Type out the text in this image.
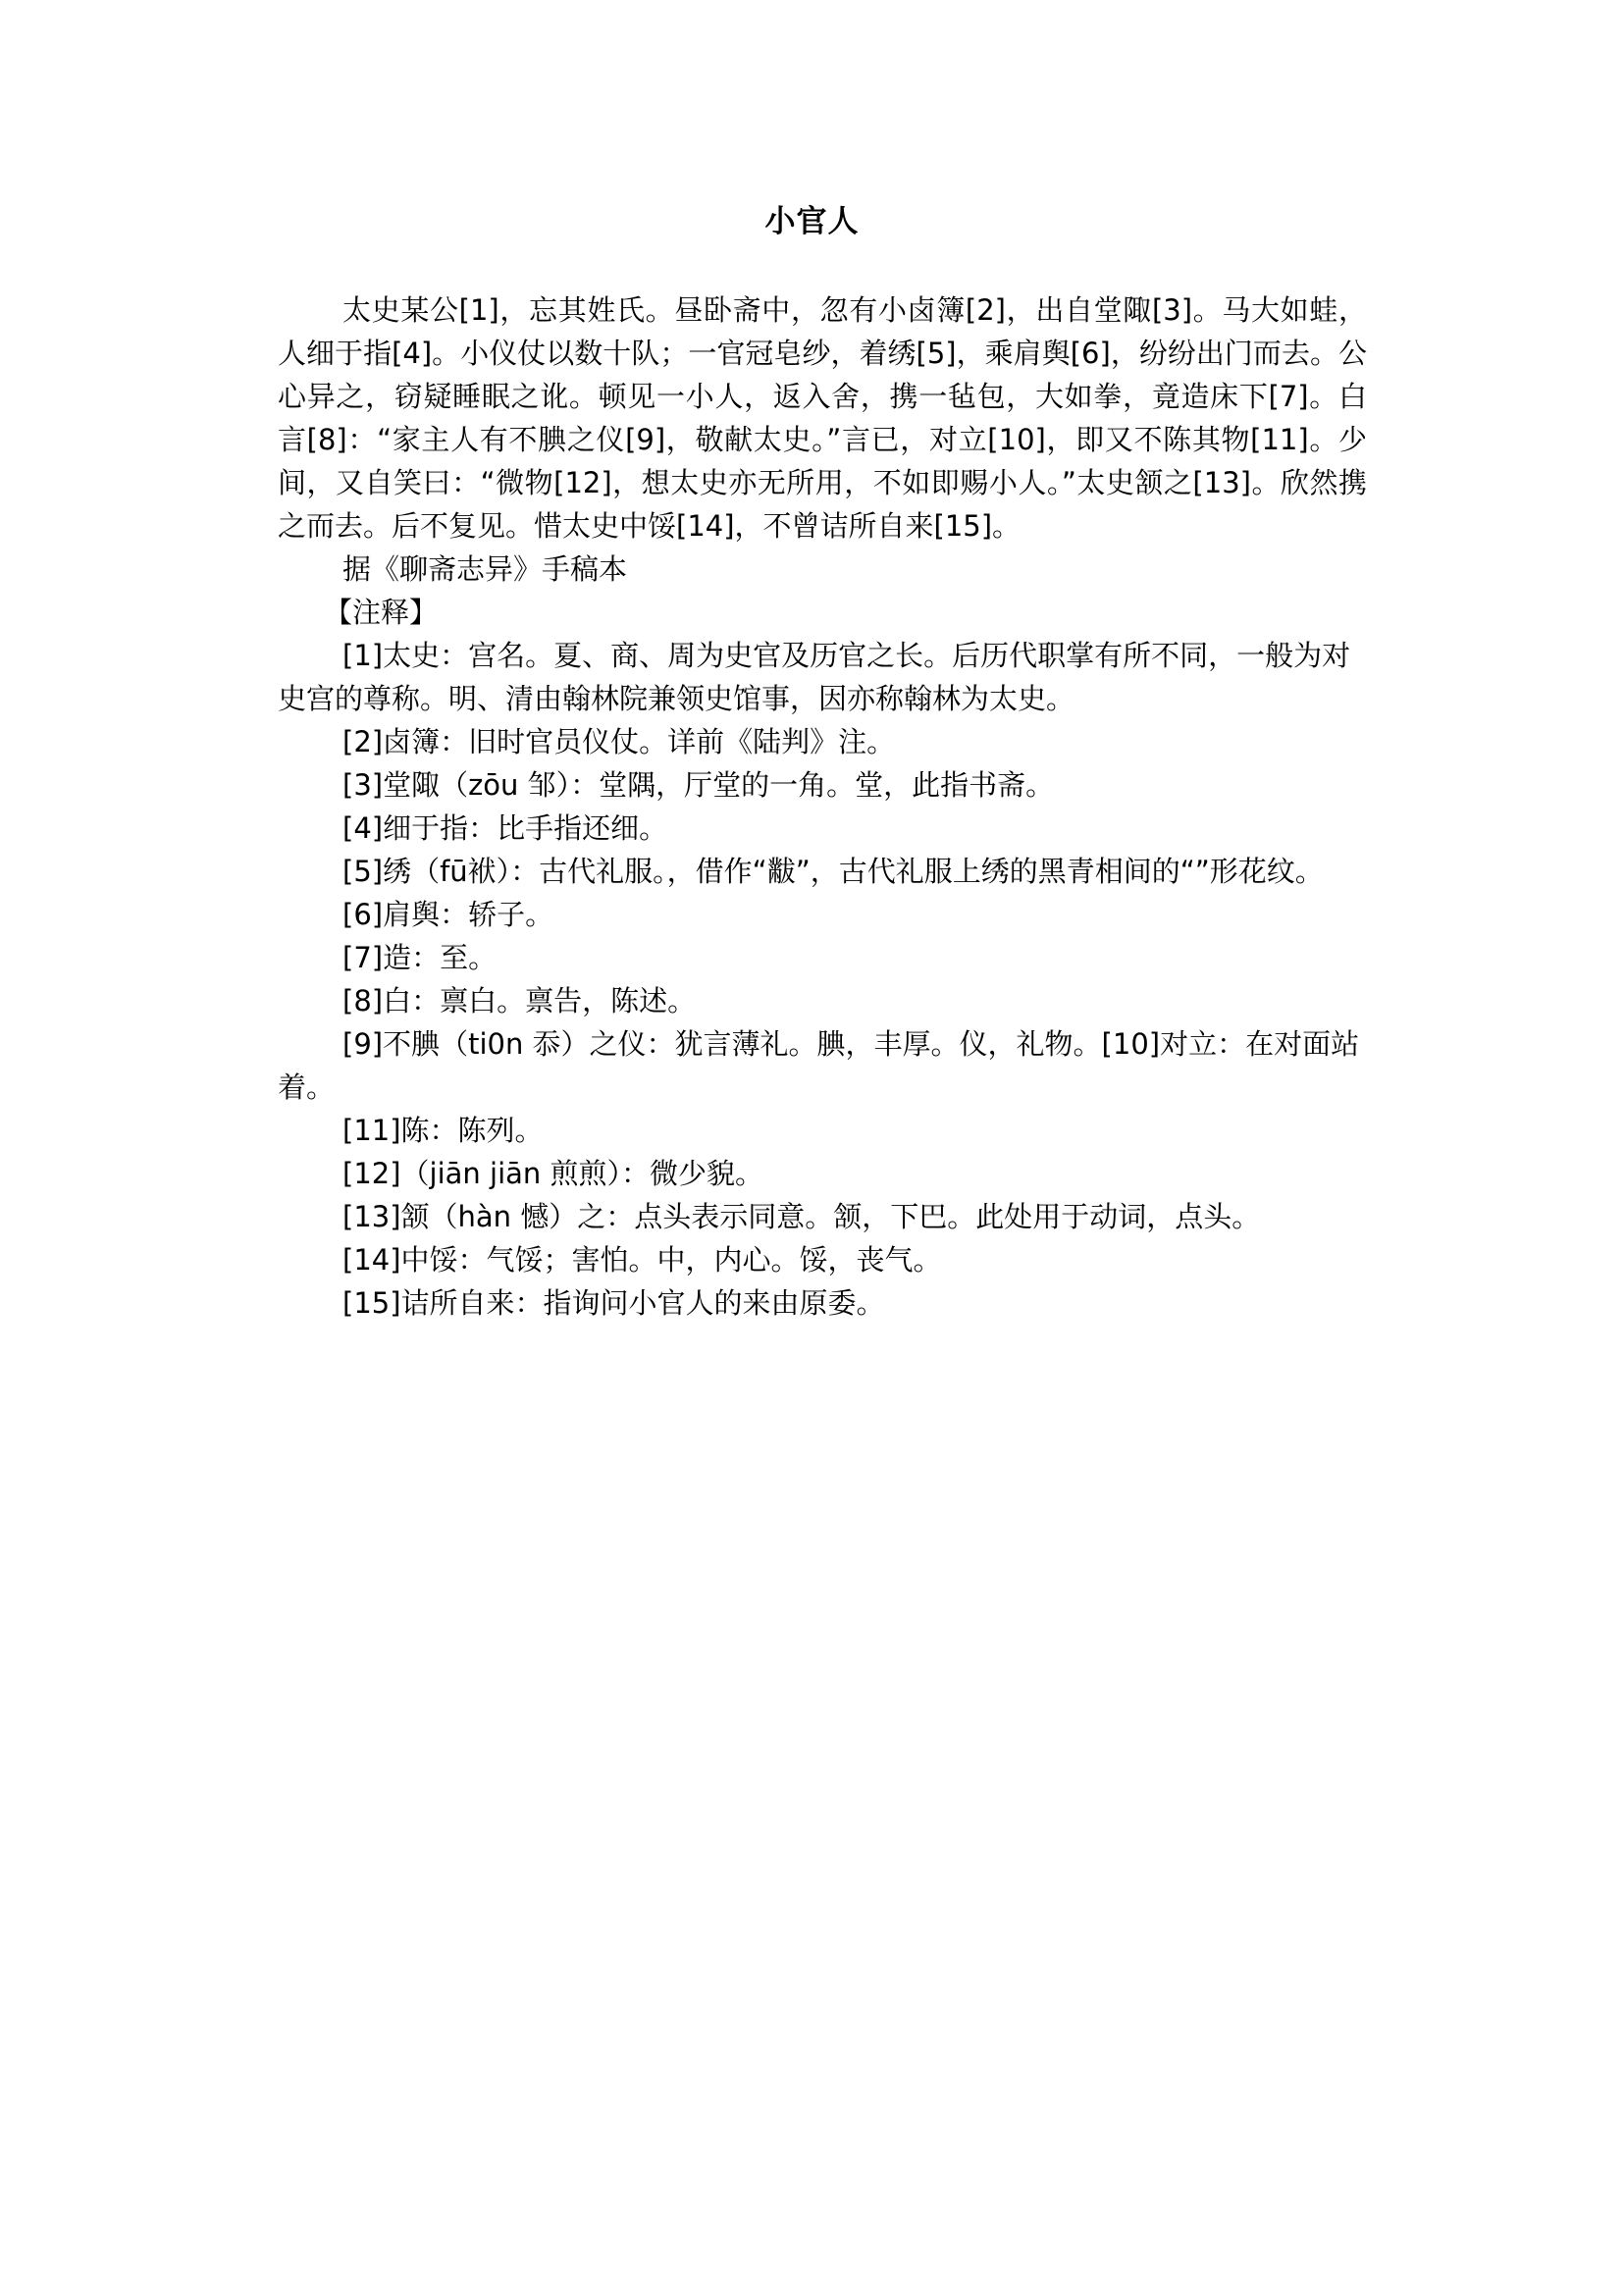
小官人

太史某公[1]，忘其姓氏。昼卧斋中，忽有小卤簿[2]，出自堂陬[3]。马大如蛙，人细于指[4]。小仪仗以数十队；一官冠皂纱，着绣[5]，乘肩舆[6]，纷纷出门而去。公心异之，窃疑睡眠之讹。顿见一小人，返入舍，携一毡包，大如拳，竟造床下[7]。白言[8]：“家主人有不腆之仪[9]，敬献太史。”言已，对立[10]，即又不陈其物[11]。少间，又自笑曰：“微物[12]，想太史亦无所用，不如即赐小人。”太史颔之[13]。欣然携之而去。后不复见。惜太史中馁[14]，不曾诘所自来[15]。

据《聊斋志异》手稿本

【注释】

[1]太史：宫名。夏、商、周为史官及历官之长。后历代职掌有所不同，一般为对史宫的尊称。明、清由翰林院兼领史馆事，因亦称翰林为太史。

[2]卤簿：旧时官员仪仗。详前《陆判》注。

[3]堂陬（zōu 邹）：堂隅，厅堂的一角。堂，此指书斋。

[4]细于指：比手指还细。

[5]绣（fū袱）：古代礼服。，借作“黻”，古代礼服上绣的黑青相间的“”形花纹。

[6]肩舆：轿子。

[7]造：至。

[8]白：禀白。禀告，陈述。

[9]不腆（ti0n 忝）之仪：犹言薄礼。腆，丰厚。仪，礼物。[10]对立：在对面站着。

[11]陈：陈列。

[12]（jiān jiān 煎煎）：微少貌。

[13]颔（hàn 憾）之：点头表示同意。颔，下巴。此处用于动词，点头。

[14]中馁：气馁；害怕。中，内心。馁，丧气。

[15]诘所自来：指询问小官人的来由原委。
